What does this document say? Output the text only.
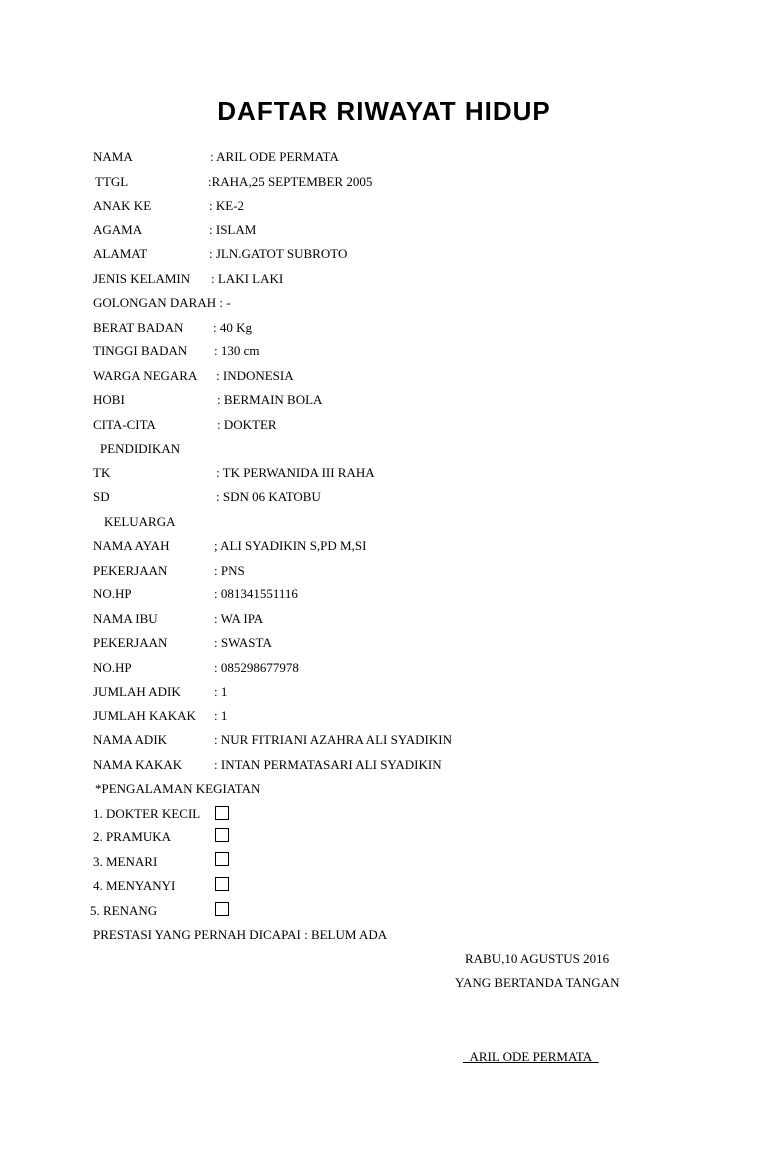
DAFTAR RIWAYAT HIDUP
NAMA	: ARIL ODE PERMATA
TTGL	:RAHA,25 SEPTEMBER 2005
ANAK KE	: KE-2
AGAMA	: ISLAM
ALAMAT	: JLN.GATOT SUBROTO
JENIS KELAMIN : LAKI LAKI
GOLONGAN DARAH : -
BERAT BADAN : 40 Kg
TINGGI BADAN : 130 cm
WARGA NEGARA : INDONESIA
HOBI	: BERMAIN BOLA
CITA-CITA	: DOKTER
PENDIDIKAN
TK	: TK PERWANIDA III RAHA
SD	: SDN 06 KATOBU
KELUARGA
NAMA AYAH	; ALI SYADIKIN S,PD M,SI
PEKERJAAN	: PNS
NO.HP	: 081341551116
NAMA IBU	: WA IPA
PEKERJAAN	: SWASTA
NO.HP	: 085298677978
JUMLAH ADIK	: 1
JUMLAH KAKAK : 1
NAMA ADIK	: NUR FITRIANI AZAHRA ALI SYADIKIN
NAMA KAKAK : INTAN PERMATASARI ALI SYADIKIN
*PENGALAMAN KEGIATAN
1. DOKTER KECIL
2. PRAMUKA
3. MENARI
4. MENYANYI
5. RENANG
PRESTASI YANG PERNAH DICAPAI : BELUM ADA
RABU,10 AGUSTUS 2016
YANG BERTANDA TANGAN
ARIL ODE PERMATA
